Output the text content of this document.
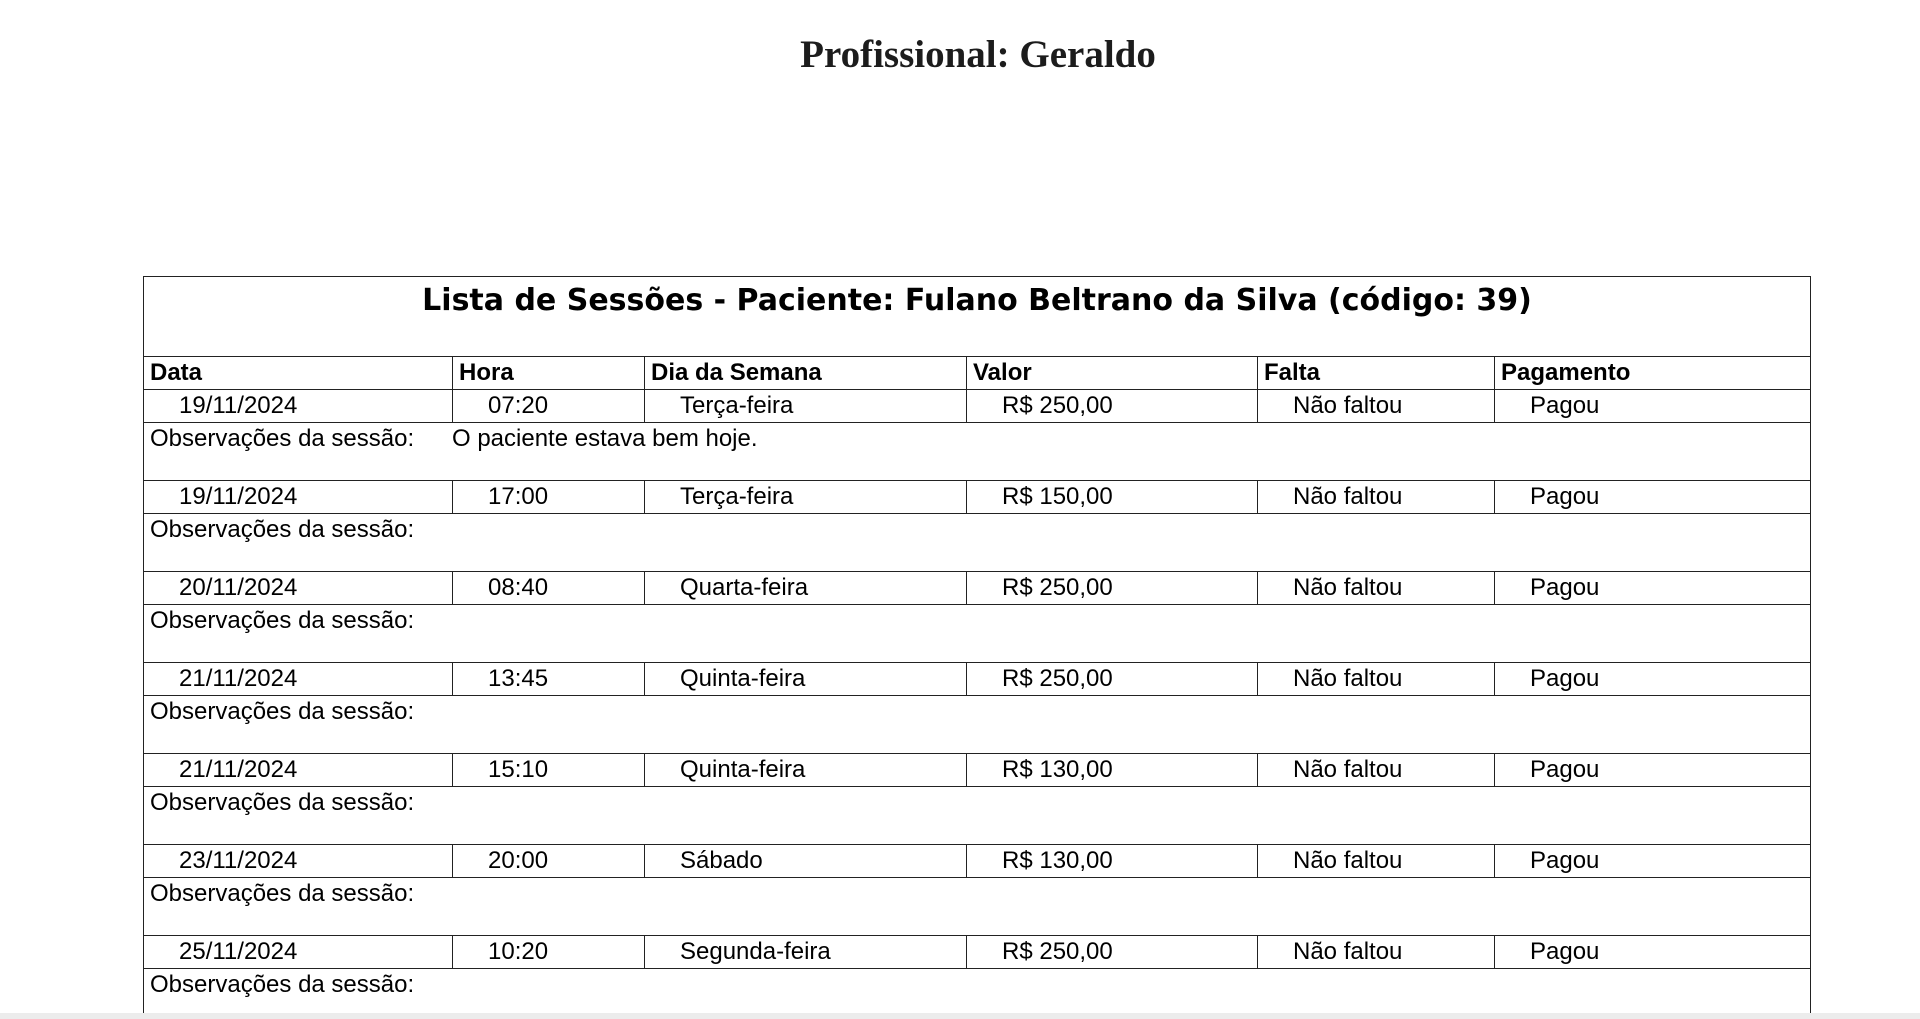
Profissional: Geraldo
Lista de Sessões - Paciente: Fulano Beltrano da Silva (código: 39)					
Data	Hora	Dia da Semana	Valor	Falta	Pagamento
19/11/2024	07:20	Terça-feira	R$ 250,00	Não faltou	Pagou
Observações da sessão: O paciente estava bem hoje.					
19/11/2024	17:00	Terça-feira	R$ 150,00	Não faltou	Pagou
Observações da sessão:					
20/11/2024	08:40	Quarta-feira	R$ 250,00	Não faltou	Pagou
Observações da sessão:					
21/11/2024	13:45	Quinta-feira	R$ 250,00	Não faltou	Pagou
Observações da sessão:					
21/11/2024	15:10	Quinta-feira	R$ 130,00	Não faltou	Pagou
Observações da sessão:					
23/11/2024	20:00	Sábado	R$ 130,00	Não faltou	Pagou
Observações da sessão:					
25/11/2024	10:20	Segunda-feira	R$ 250,00	Não faltou	Pagou
Observações da sessão:					
